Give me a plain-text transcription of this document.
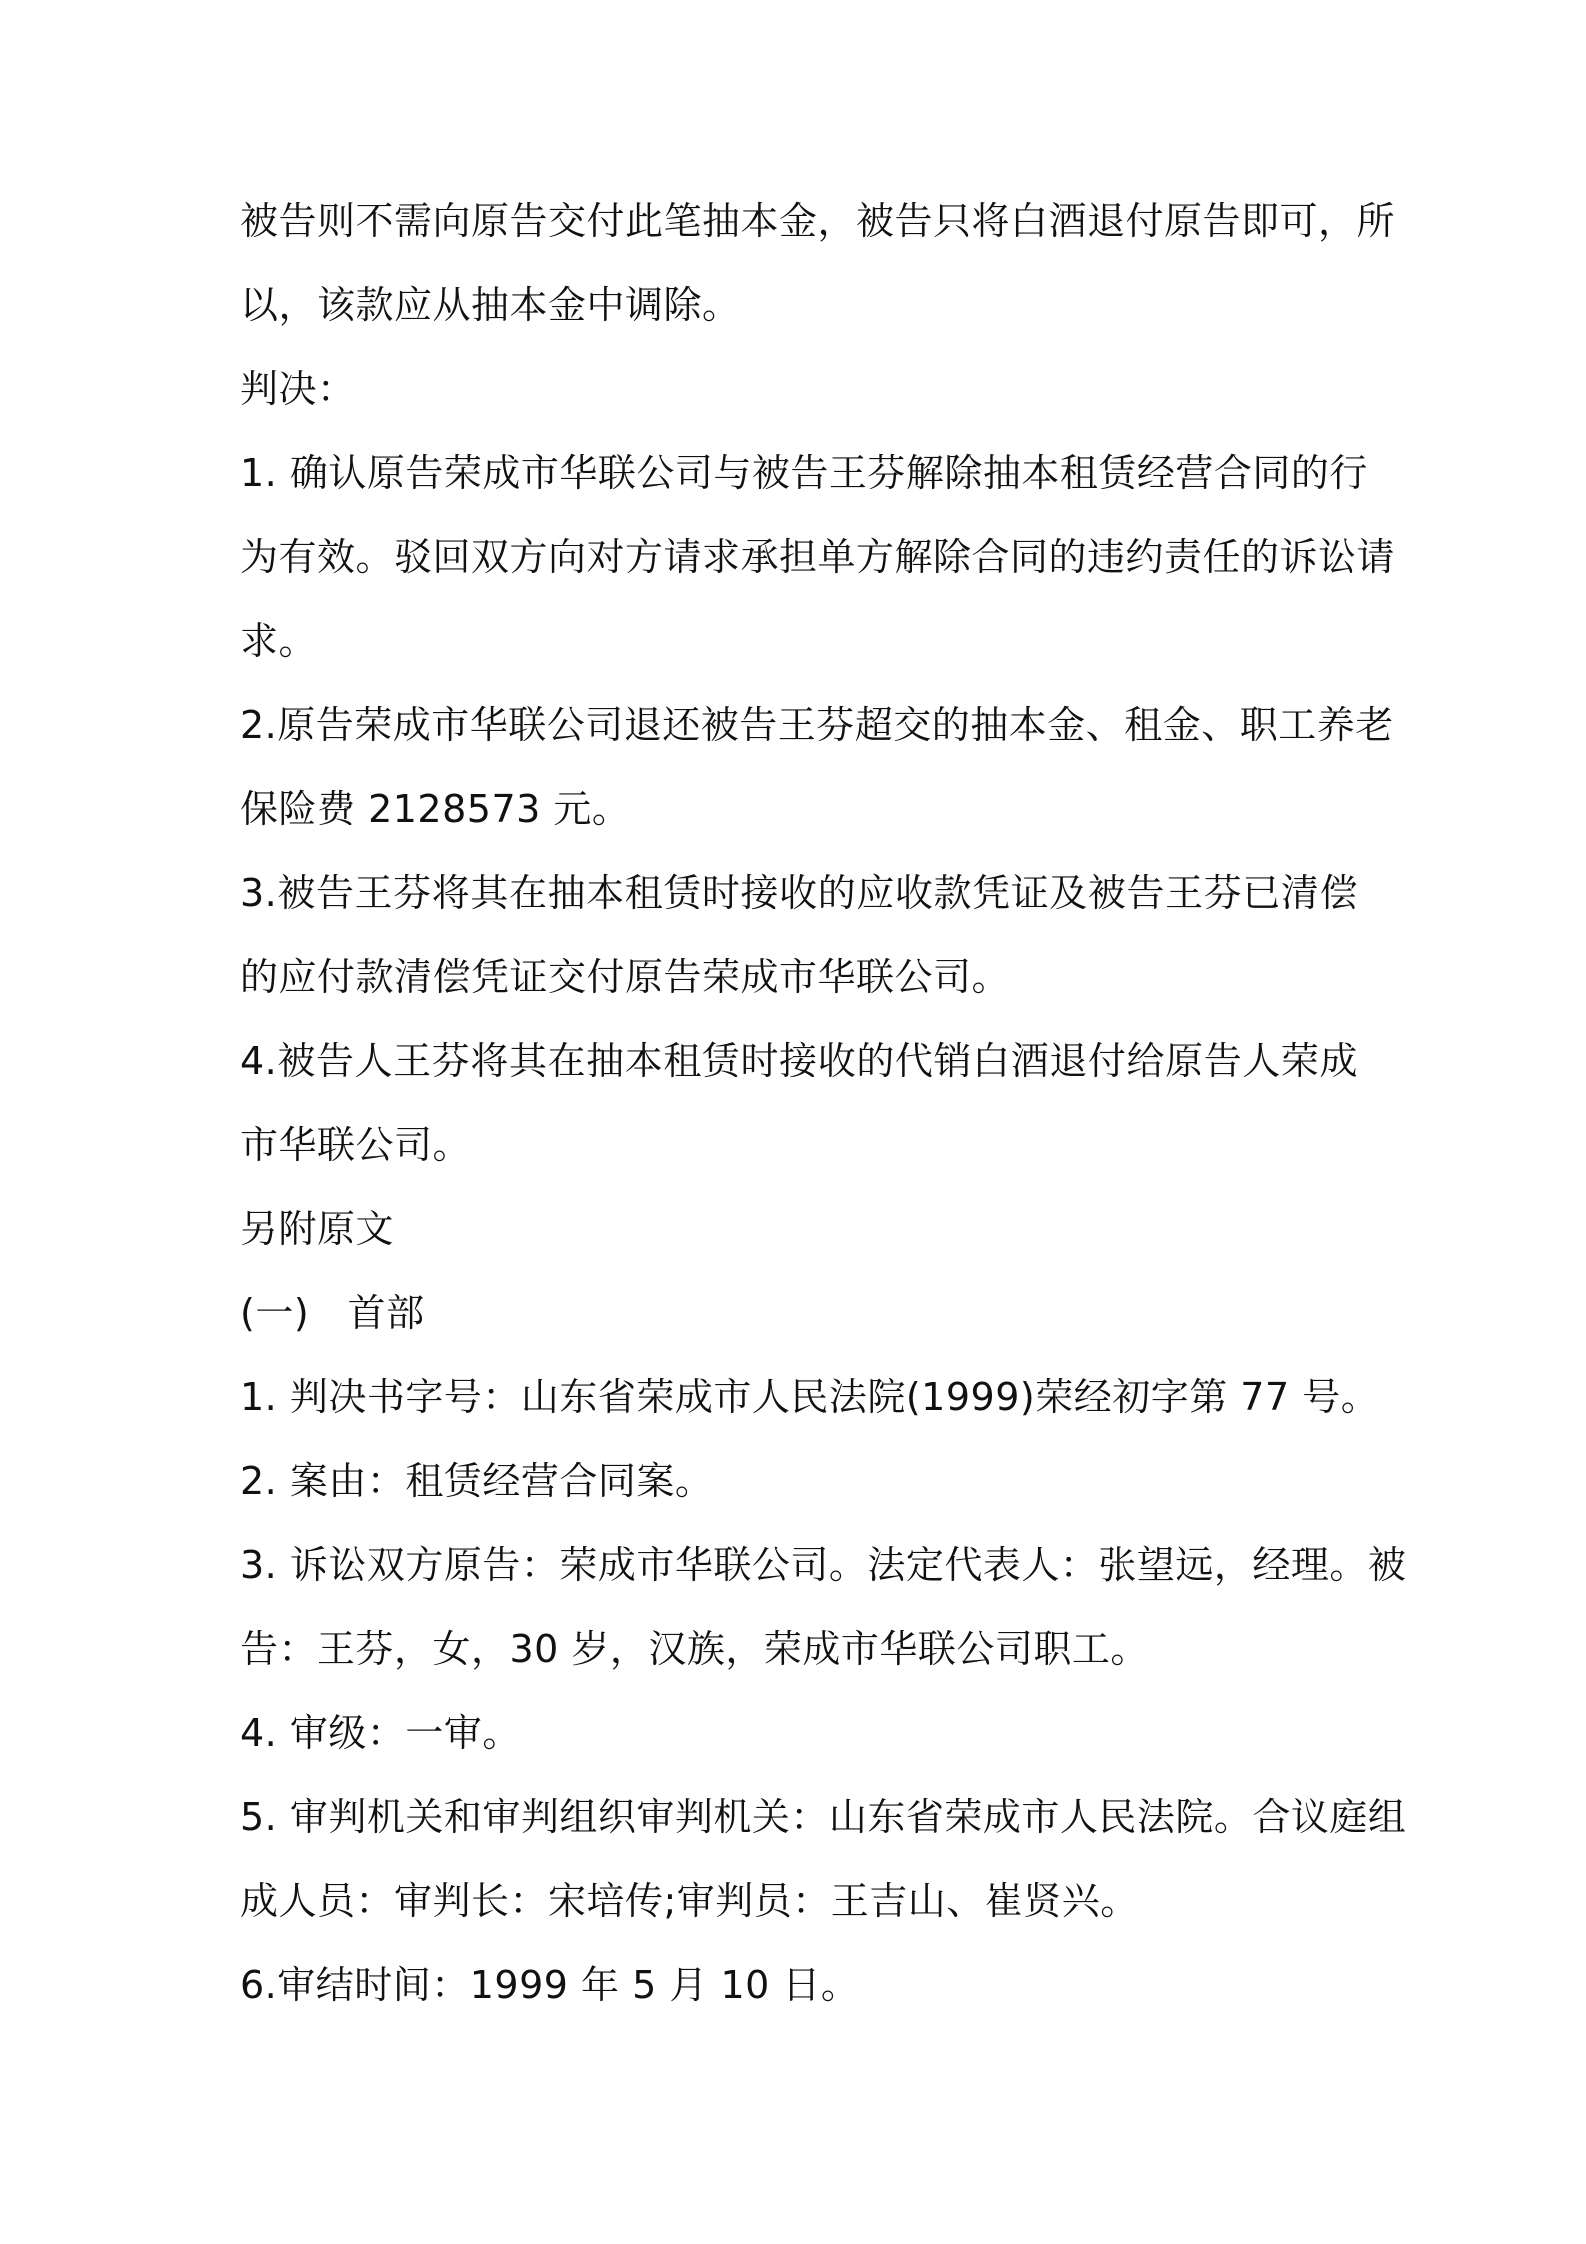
被告则不需向原告交付此笔抽本金，被告只将白酒退付原告即可，所
以，该款应从抽本金中调除。
判决：
1. 确认原告荣成市华联公司与被告王芬解除抽本租赁经营合同的行
为有效。驳回双方向对方请求承担单方解除合同的违约责任的诉讼请
求。
2.原告荣成市华联公司退还被告王芬超交的抽本金、租金、职工养老
保险费 2128573 元。
3.被告王芬将其在抽本租赁时接收的应收款凭证及被告王芬已清偿
的应付款清偿凭证交付原告荣成市华联公司。
4.被告人王芬将其在抽本租赁时接收的代销白酒退付给原告人荣成
市华联公司。
另附原文
(一)　首部
1. 判决书字号：山东省荣成市人民法院(1999)荣经初字第 77 号。
2. 案由：租赁经营合同案。
3. 诉讼双方原告：荣成市华联公司。法定代表人：张望远，经理。被
告：王芬，女，30 岁，汉族，荣成市华联公司职工。
4. 审级：一审。
5. 审判机关和审判组织审判机关：山东省荣成市人民法院。合议庭组
成人员：审判长：宋培传;审判员：王吉山、崔贤兴。
6.审结时间：1999 年 5 月 10 日。
